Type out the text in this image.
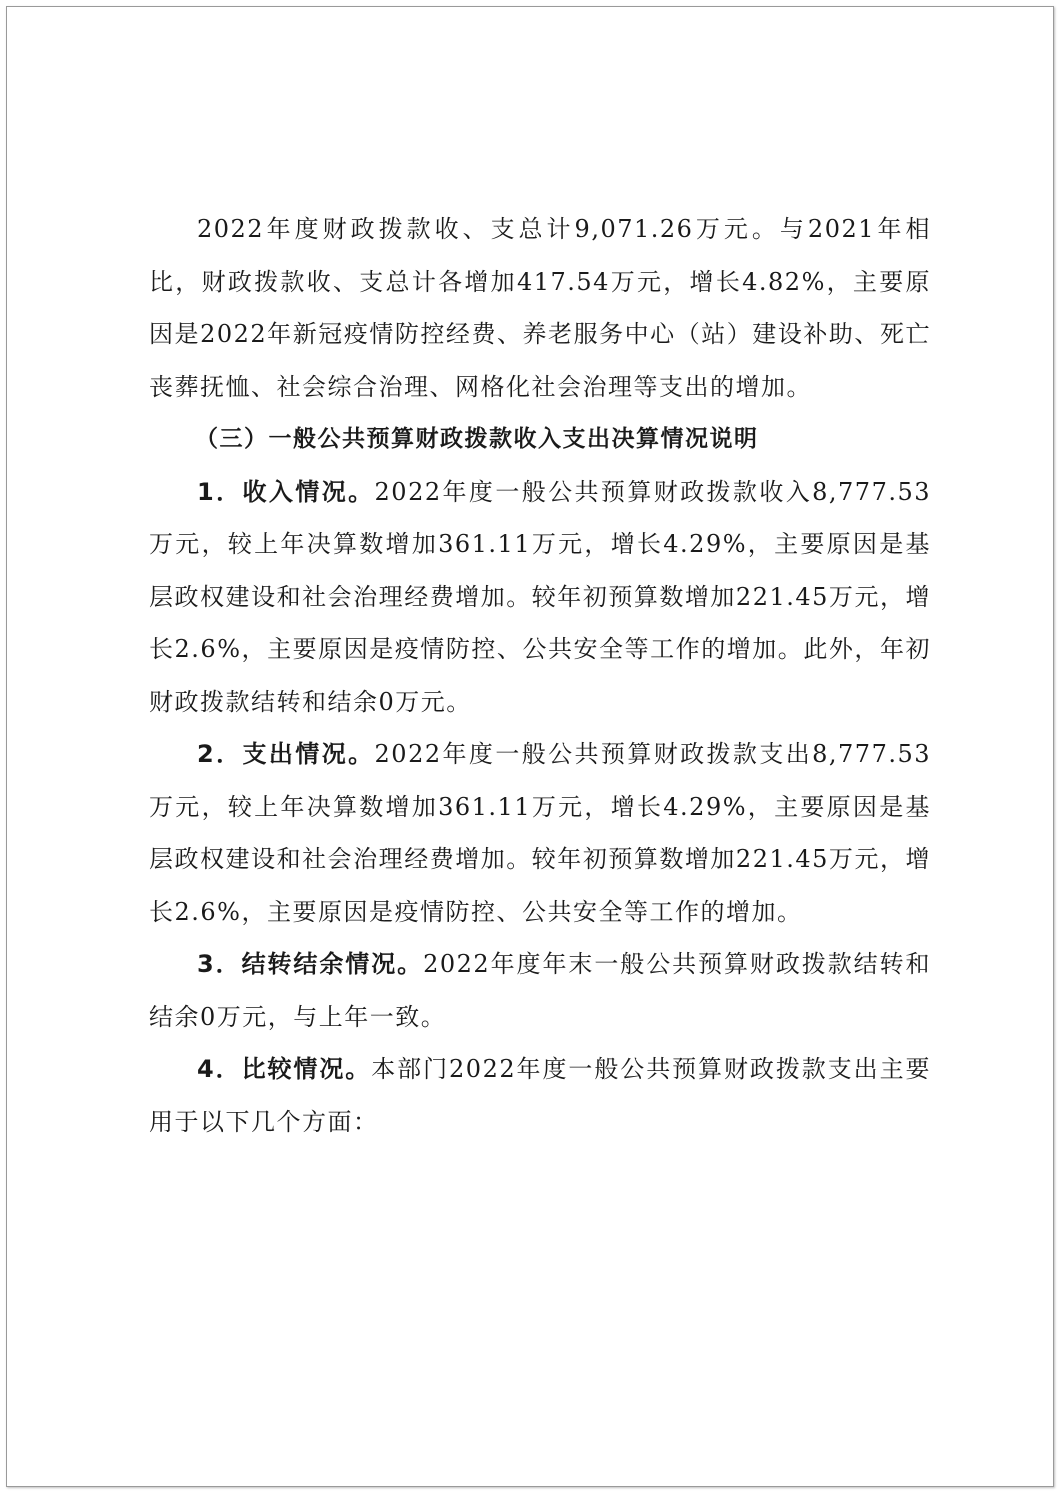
2022年度财政拨款收、支总计9,071.26万元。与2021年相比，财政拨款收、支总计各增加417.54万元，增长4.82%，主要原因是2022年新冠疫情防控经费、养老服务中心（站）建设补助、死亡丧葬抚恤、社会综合治理、网格化社会治理等支出的增加。

（三）一般公共预算财政拨款收入支出决算情况说明

1．收入情况。2022年度一般公共预算财政拨款收入8,777.53万元，较上年决算数增加361.11万元，增长4.29%，主要原因是基层政权建设和社会治理经费增加。较年初预算数增加221.45万元，增长2.6%，主要原因是疫情防控、公共安全等工作的增加。此外，年初财政拨款结转和结余0万元。

2．支出情况。2022年度一般公共预算财政拨款支出8,777.53万元，较上年决算数增加361.11万元，增长4.29%，主要原因是基层政权建设和社会治理经费增加。较年初预算数增加221.45万元，增长2.6%，主要原因是疫情防控、公共安全等工作的增加。

3．结转结余情况。2022年度年末一般公共预算财政拨款结转和结余0万元，与上年一致。

4．比较情况。本部门2022年度一般公共预算财政拨款支出主要用于以下几个方面：
